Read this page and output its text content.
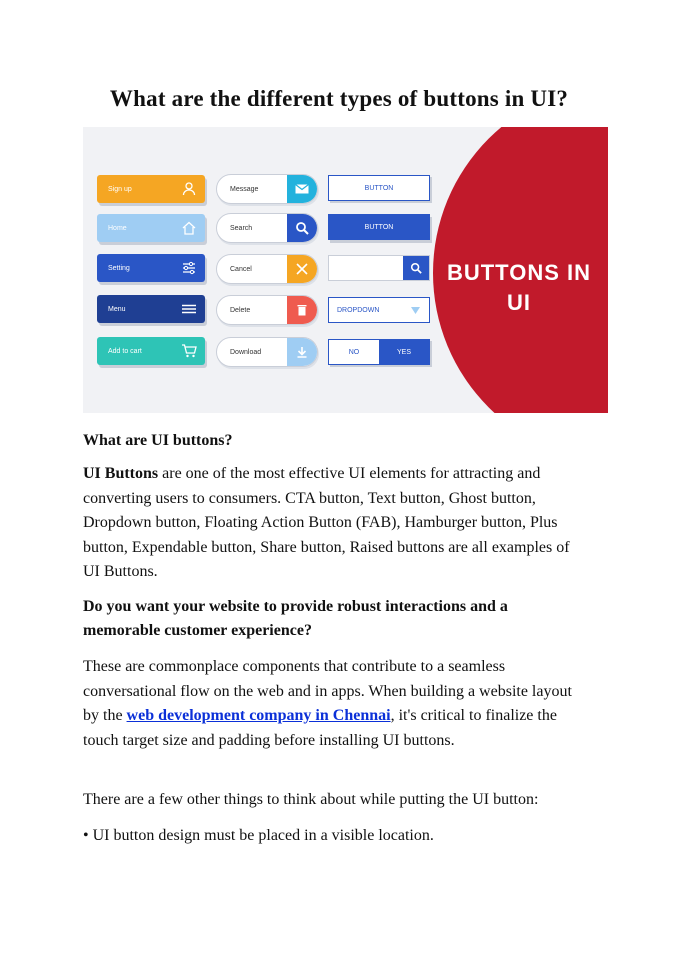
What are the different types of buttons in UI?
BUTTONS IN
UI
Sign up
Home
Setting
Menu
Add to cart
Message
Search
Cancel
Delete
Download
BUTTON
BUTTON
DROPDOWN
NO	YES
What are UI buttons?
UI Buttons are one of the most effective UI elements for attracting and converting users to consumers. CTA button, Text button, Ghost button, Dropdown button, Floating Action Button (FAB), Hamburger button, Plus button, Expendable button, Share button, Raised buttons are all examples of UI Buttons.
Do you want your website to provide robust interactions and a memorable customer experience?
These are commonplace components that contribute to a seamless conversational flow on the web and in apps. When building a website layout by the web development company in Chennai, it's critical to finalize the touch target size and padding before installing UI buttons.
There are a few other things to think about while putting the UI button:
• UI button design must be placed in a visible location.
